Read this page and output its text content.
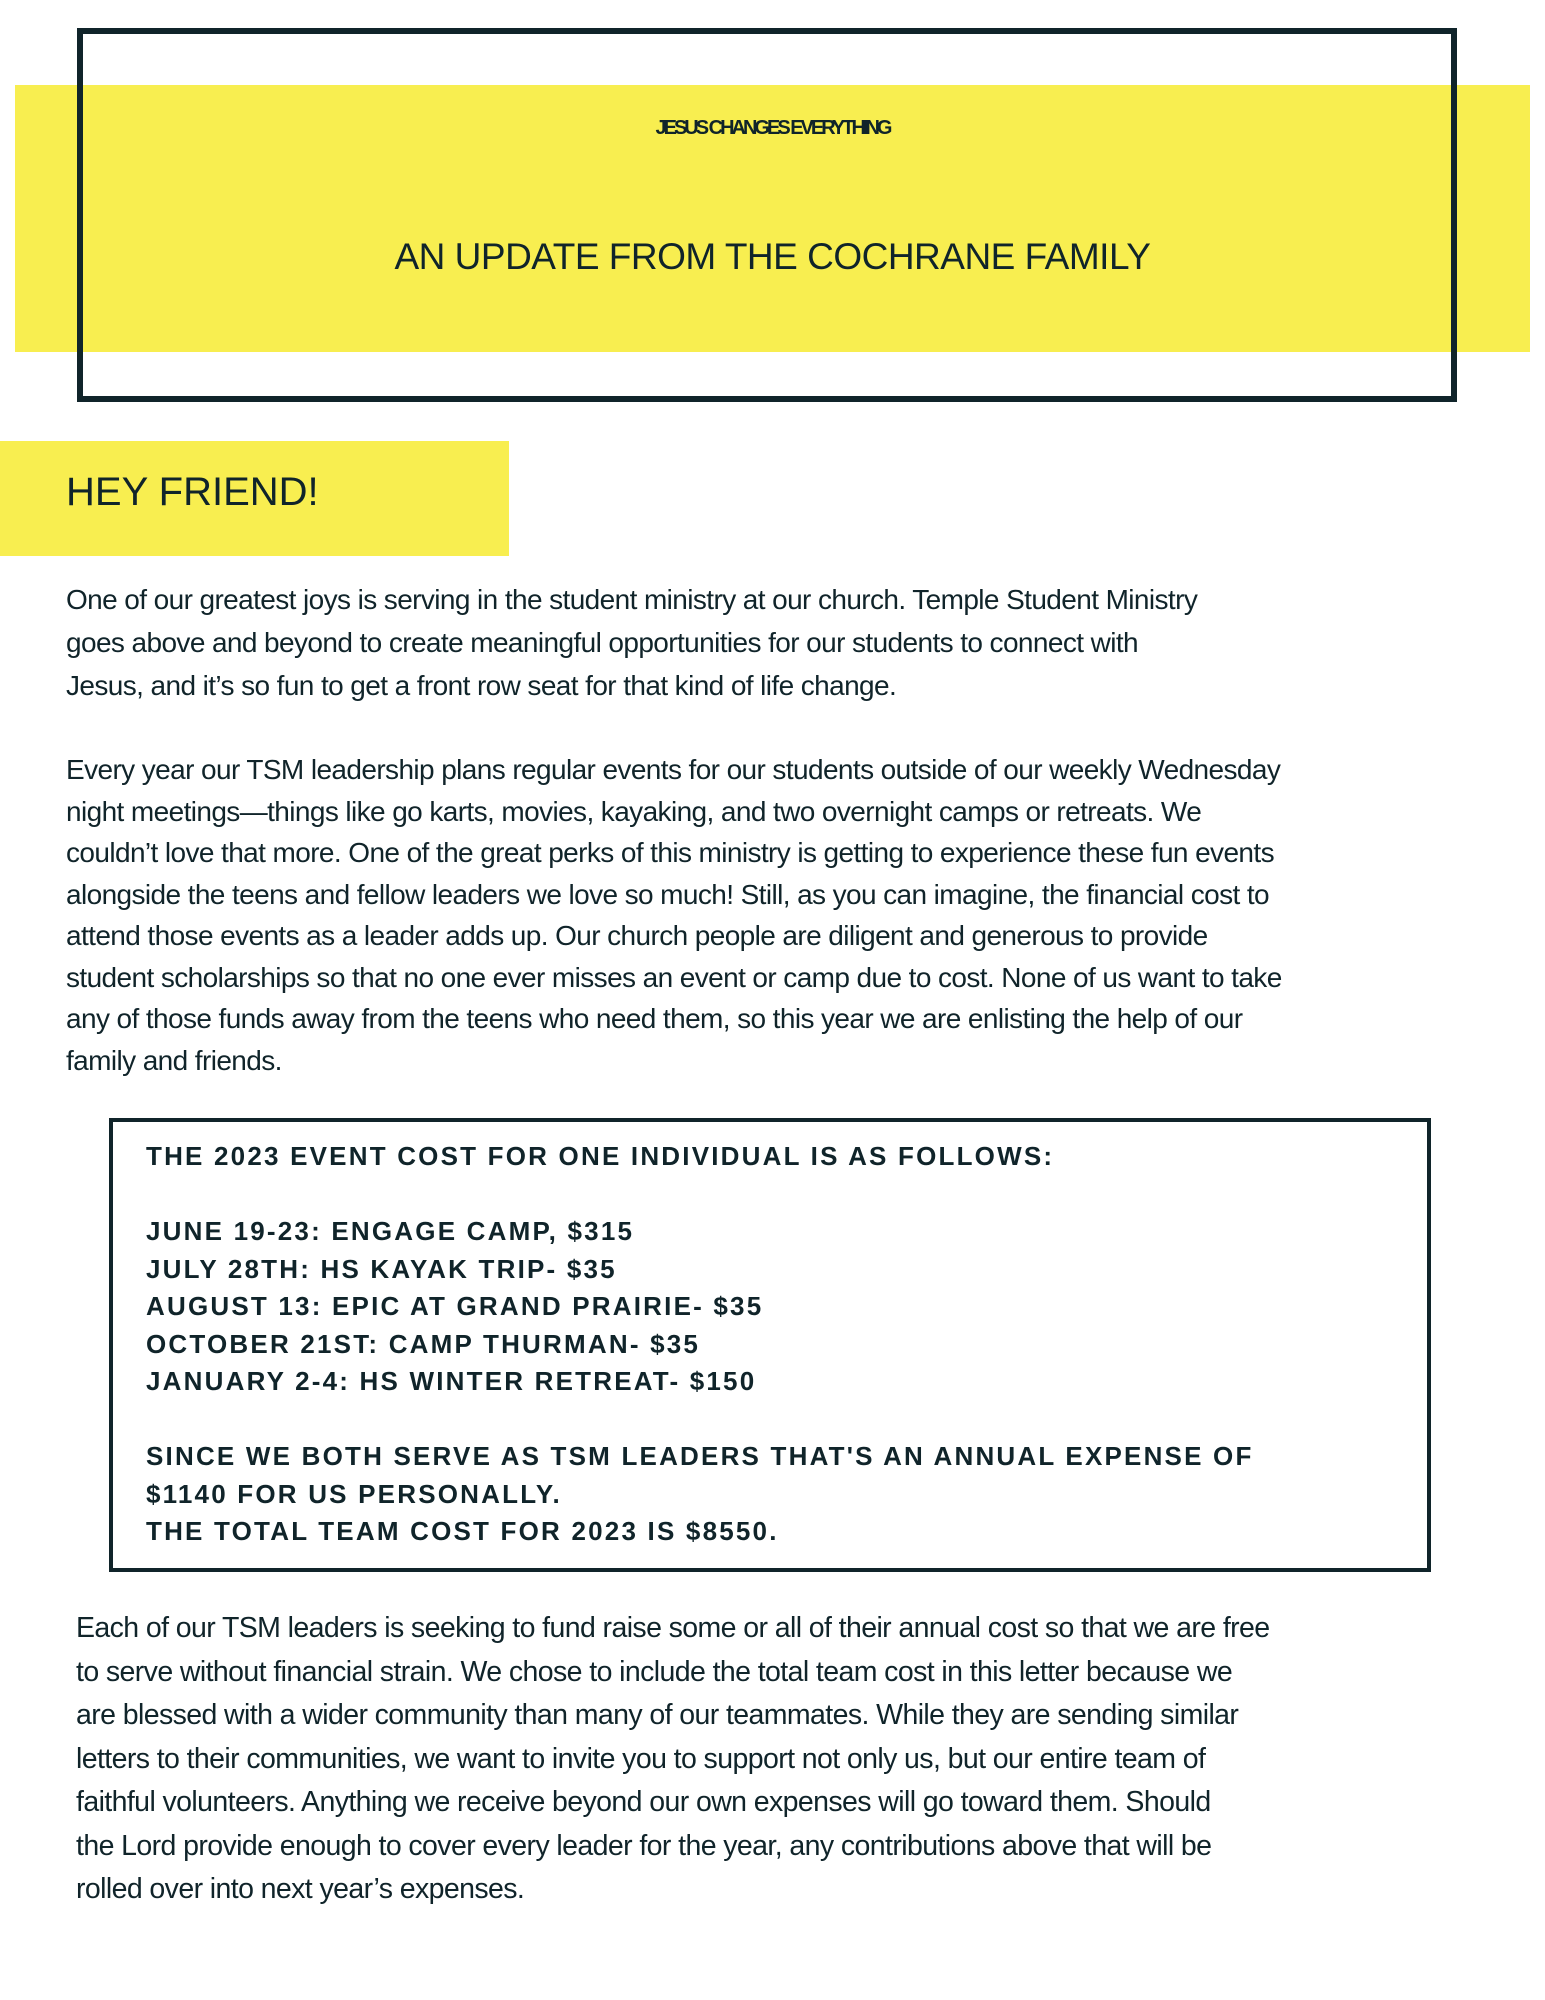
JESUS CHANGES EVERYTHING
AN UPDATE FROM THE COCHRANE FAMILY
HEY FRIEND!

One of our greatest joys is serving in the student ministry at our church. Temple Student Ministry
goes above and beyond to create meaningful opportunities for our students to connect with
Jesus, and it’s so fun to get a front row seat for that kind of life change.

Every year our TSM leadership plans regular events for our students outside of our weekly Wednesday
night meetings—things like go karts, movies, kayaking, and two overnight camps or retreats. We
couldn’t love that more. One of the great perks of this ministry is getting to experience these fun events
alongside the teens and fellow leaders we love so much! Still, as you can imagine, the financial cost to
attend those events as a leader adds up. Our church people are diligent and generous to provide
student scholarships so that no one ever misses an event or camp due to cost. None of us want to take
any of those funds away from the teens who need them, so this year we are enlisting the help of our
family and friends.

THE 2023 EVENT COST FOR ONE INDIVIDUAL IS AS FOLLOWS:
JUNE 19-23: ENGAGE CAMP, $315
JULY 28TH: HS KAYAK TRIP- $35
AUGUST 13: EPIC AT GRAND PRAIRIE- $35
OCTOBER 21ST: CAMP THURMAN- $35
JANUARY 2-4: HS WINTER RETREAT- $150
SINCE WE BOTH SERVE AS TSM LEADERS THAT'S AN ANNUAL EXPENSE OF
$1140 FOR US PERSONALLY.
THE TOTAL TEAM COST FOR 2023 IS $8550.

Each of our TSM leaders is seeking to fund raise some or all of their annual cost so that we are free
to serve without financial strain. We chose to include the total team cost in this letter because we
are blessed with a wider community than many of our teammates. While they are sending similar
letters to their communities, we want to invite you to support not only us, but our entire team of
faithful volunteers. Anything we receive beyond our own expenses will go toward them. Should
the Lord provide enough to cover every leader for the year, any contributions above that will be
rolled over into next year’s expenses.
